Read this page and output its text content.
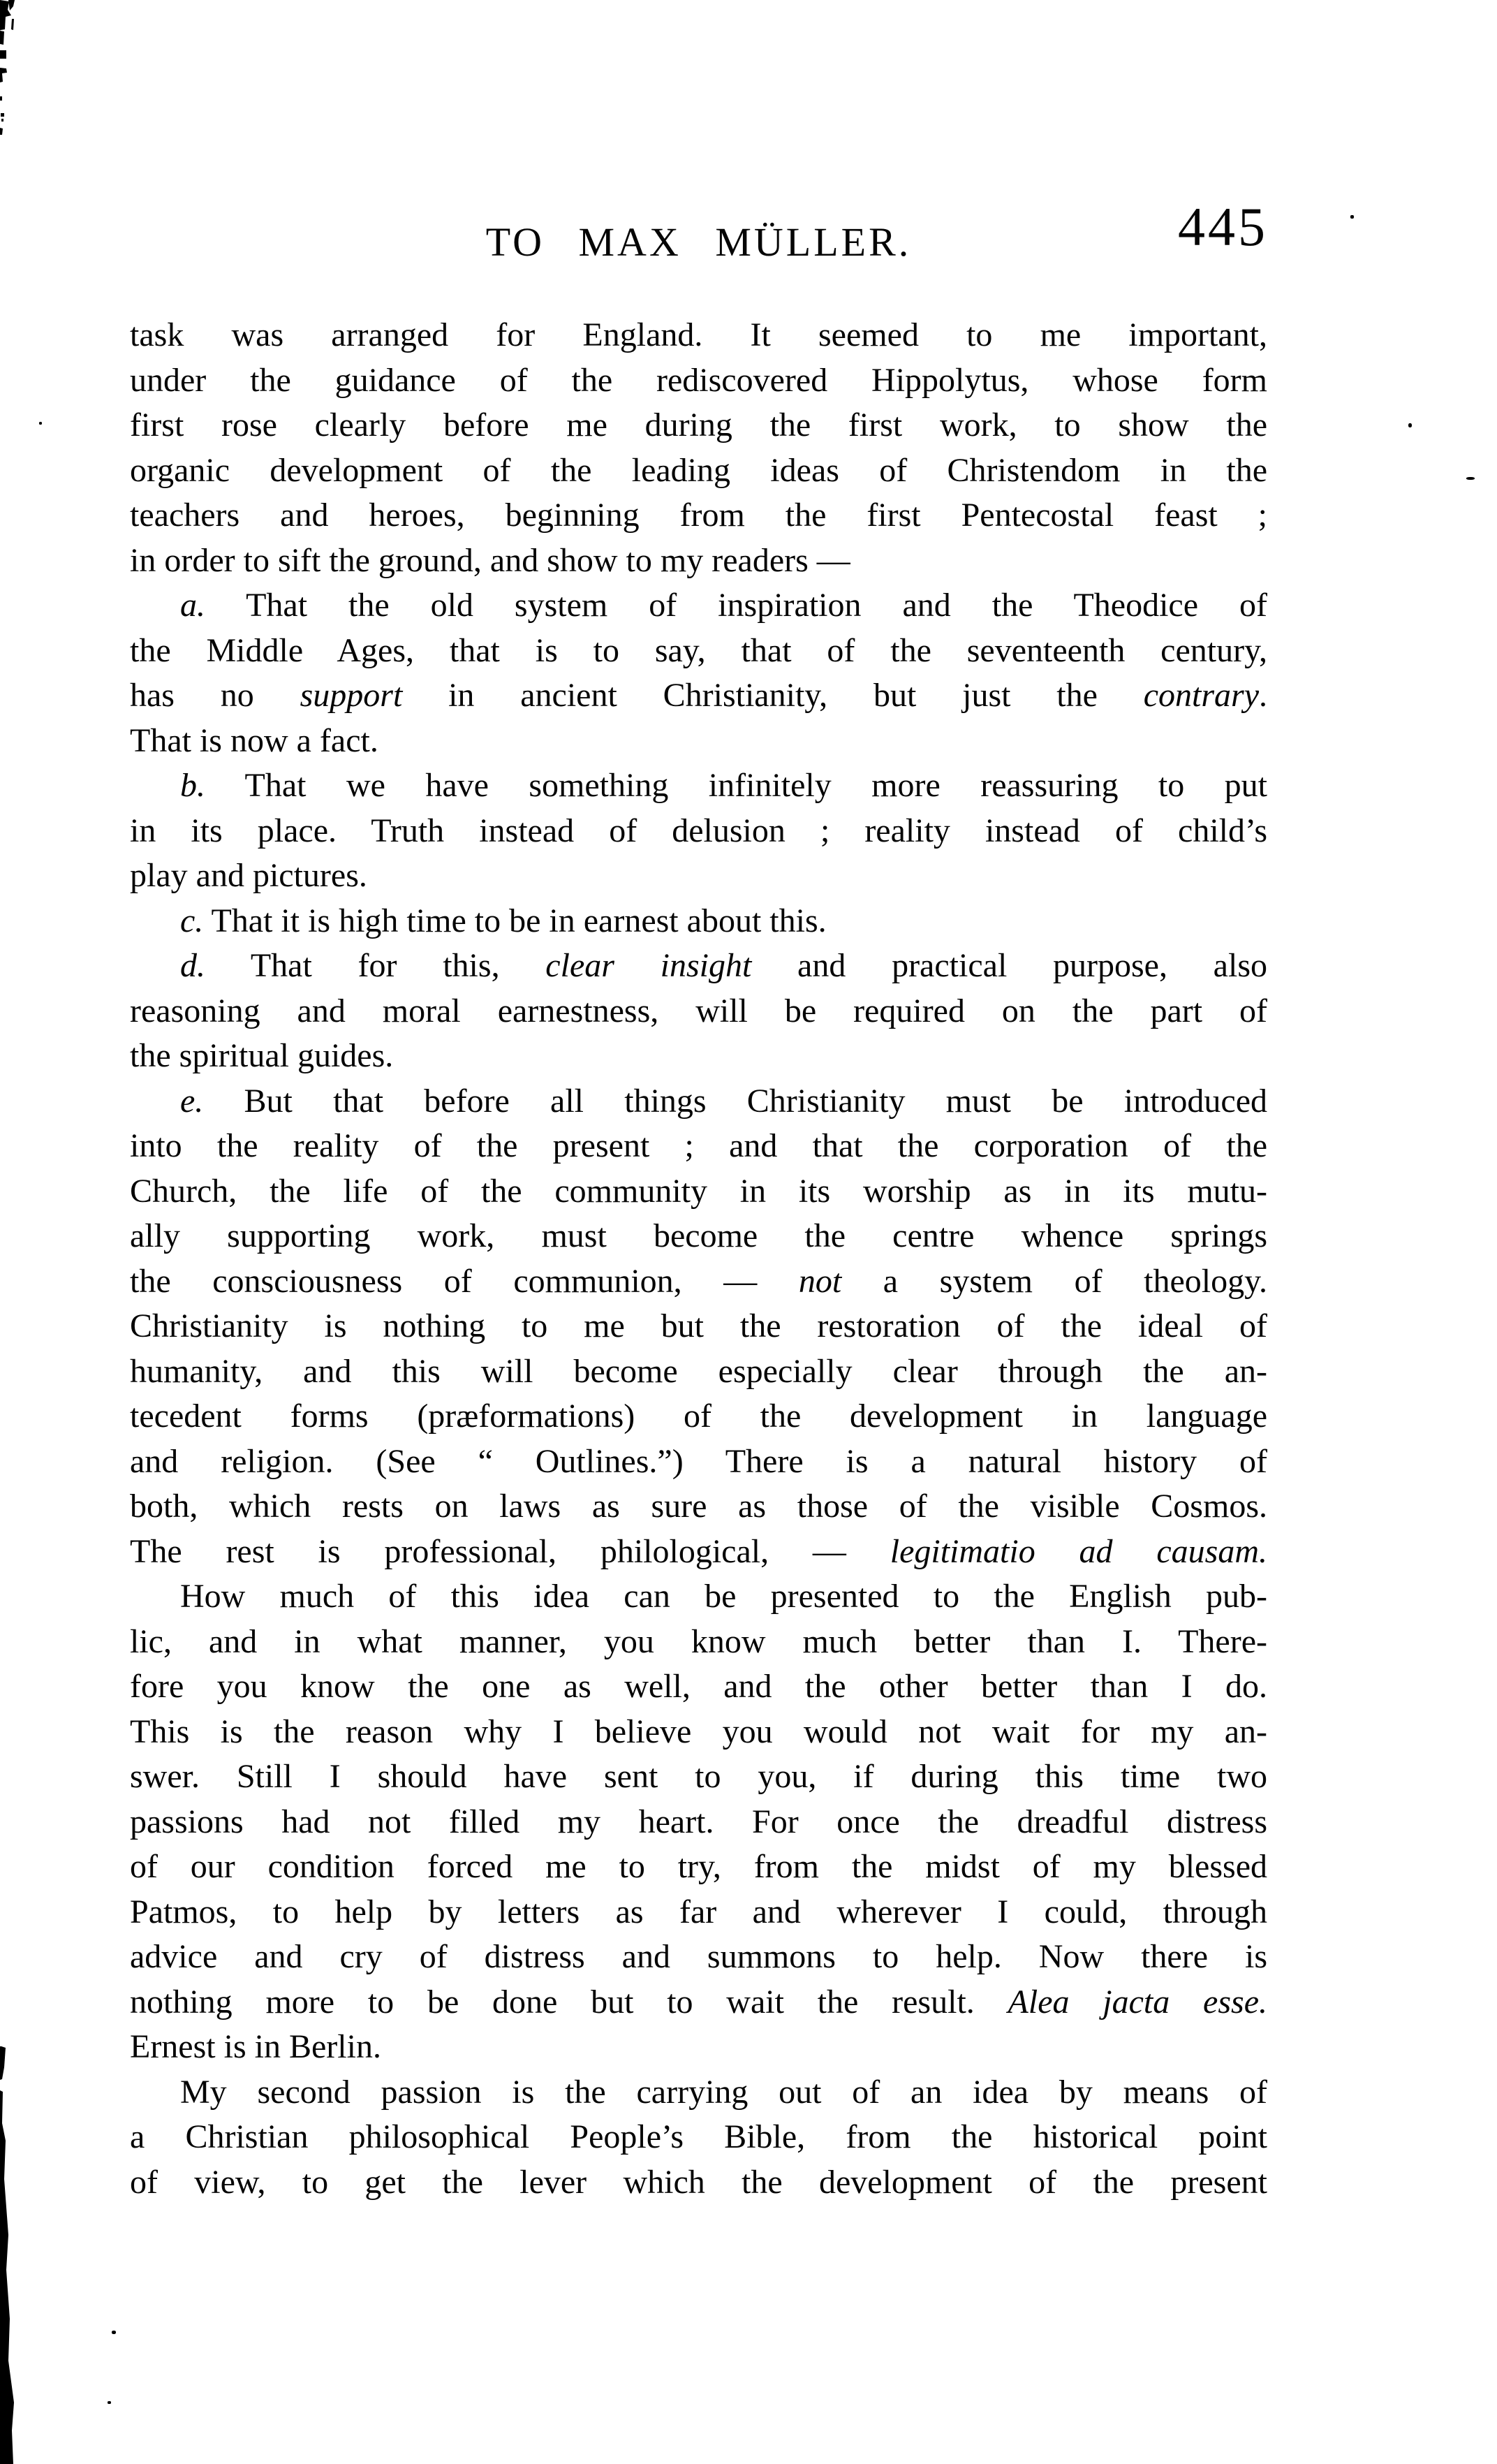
TO MAX MÜLLER.	445
task was arranged for England. It seemed to me important,
under the guidance of the rediscovered Hippolytus, whose form
first rose clearly before me during the first work, to show the
organic development of the leading ideas of Christendom in the
teachers and heroes, beginning from the first Pentecostal feast ;
in order to sift the ground, and show to my readers —
a. That the old system of inspiration and the Theodice of
the Middle Ages, that is to say, that of the seventeenth century,
has no support in ancient Christianity, but just the contrary.
That is now a fact.
b. That we have something infinitely more reassuring to put
in its place. Truth instead of delusion ; reality instead of child’s
play and pictures.
c. That it is high time to be in earnest about this.
d. That for this, clear insight and practical purpose, also
reasoning and moral earnestness, will be required on the part of
the spiritual guides.
e. But that before all things Christianity must be introduced
into the reality of the present ; and that the corporation of the
Church, the life of the community in its worship as in its mutu-
ally supporting work, must become the centre whence springs
the consciousness of communion, — not a system of theology.
Christianity is nothing to me but the restoration of the ideal of
humanity, and this will become especially clear through the an-
tecedent forms (præformations) of the development in language
and religion. (See “ Outlines.”) There is a natural history of
both, which rests on laws as sure as those of the visible Cosmos.
The rest is professional, philological, — legitimatio ad causam.
How much of this idea can be presented to the English pub-
lic, and in what manner, you know much better than I. There-
fore you know the one as well, and the other better than I do.
This is the reason why I believe you would not wait for my an-
swer. Still I should have sent to you, if during this time two
passions had not filled my heart. For once the dreadful distress
of our condition forced me to try, from the midst of my blessed
Patmos, to help by letters as far and wherever I could, through
advice and cry of distress and summons to help. Now there is
nothing more to be done but to wait the result. Alea jacta esse.
Ernest is in Berlin.
My second passion is the carrying out of an idea by means of
a Christian philosophical People’s Bible, from the historical point
of view, to get the lever which the development of the present
